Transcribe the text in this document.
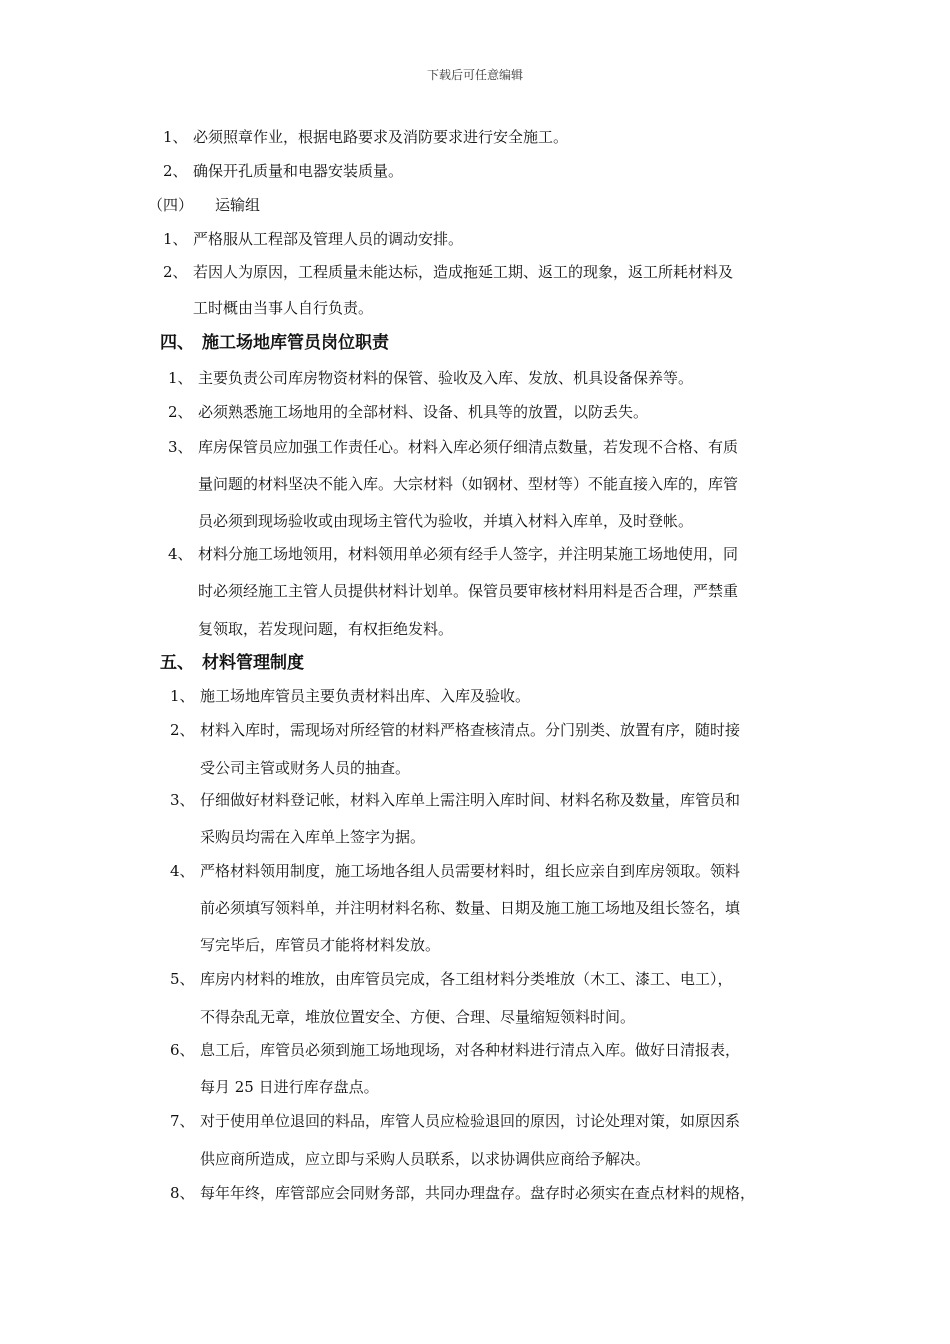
下载后可任意编辑
1、 必须照章作业，根据电路要求及消防要求进行安全施工。
2、 确保开孔质量和电器安装质量。
（四） 运输组
1、 严格服从工程部及管理人员的调动安排。
2、 若因人为原因，工程质量未能达标，造成拖延工期、返工的现象，返工所耗材料及
工时概由当事人自行负责。
四、 施工场地库管员岗位职责
1、 主要负责公司库房物资材料的保管、验收及入库、发放、机具设备保养等。
2、 必须熟悉施工场地用的全部材料、设备、机具等的放置，以防丢失。
3、 库房保管员应加强工作责任心。材料入库必须仔细清点数量，若发现不合格、有质
量问题的材料坚决不能入库。大宗材料（如钢材、型材等）不能直接入库的，库管
员必须到现场验收或由现场主管代为验收，并填入材料入库单，及时登帐。
4、 材料分施工场地领用，材料领用单必须有经手人签字，并注明某施工场地使用，同
时必须经施工主管人员提供材料计划单。保管员要审核材料用料是否合理，严禁重
复领取，若发现问题，有权拒绝发料。
五、 材料管理制度
1、 施工场地库管员主要负责材料出库、入库及验收。
2、 材料入库时，需现场对所经管的材料严格查核清点。分门别类、放置有序，随时接
受公司主管或财务人员的抽查。
3、 仔细做好材料登记帐，材料入库单上需注明入库时间、材料名称及数量，库管员和
采购员均需在入库单上签字为据。
4、 严格材料领用制度，施工场地各组人员需要材料时，组长应亲自到库房领取。领料
前必须填写领料单，并注明材料名称、数量、日期及施工施工场地及组长签名，填
写完毕后，库管员才能将材料发放。
5、 库房内材料的堆放，由库管员完成，各工组材料分类堆放（木工、漆工、电工），
不得杂乱无章，堆放位置安全、方便、合理、尽量缩短领料时间。
6、 息工后，库管员必须到施工场地现场，对各种材料进行清点入库。做好日清报表，
每月 25 日进行库存盘点。
7、 对于使用单位退回的料品，库管人员应检验退回的原因，讨论处理对策，如原因系
供应商所造成，应立即与采购人员联系，以求协调供应商给予解决。
8、 每年年终，库管部应会同财务部，共同办理盘存。盘存时必须实在查点材料的规格，
